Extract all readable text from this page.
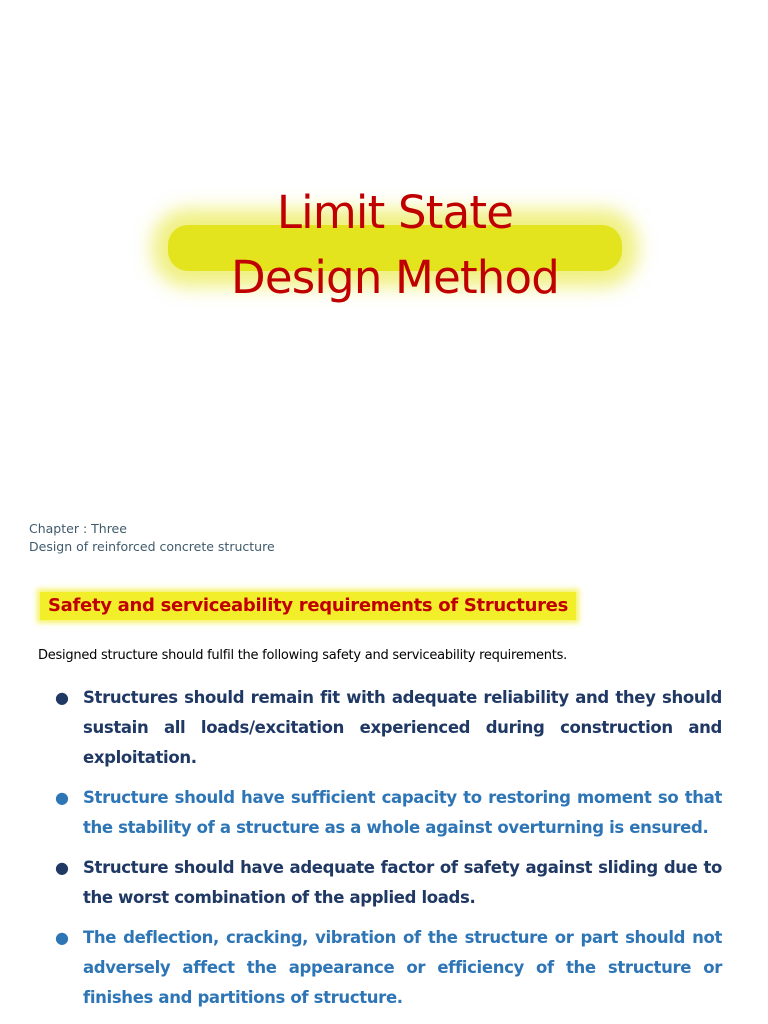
Limit State
Design Method
Chapter : Three
Design of reinforced concrete structure
Safety and serviceability requirements of Structures
Designed structure should fulfil the following safety and serviceability requirements.
● Structures should remain fit with adequate reliability and they should sustain all loads/excitation experienced during construction and exploitation.
● Structure should have sufficient capacity to restoring moment so that the stability of a structure as a whole against overturning is ensured.
● Structure should have adequate factor of safety against sliding due to the worst combination of the applied loads.
● The deflection, cracking, vibration of the structure or part should not adversely affect the appearance or efficiency of the structure or finishes and partitions of structure.
